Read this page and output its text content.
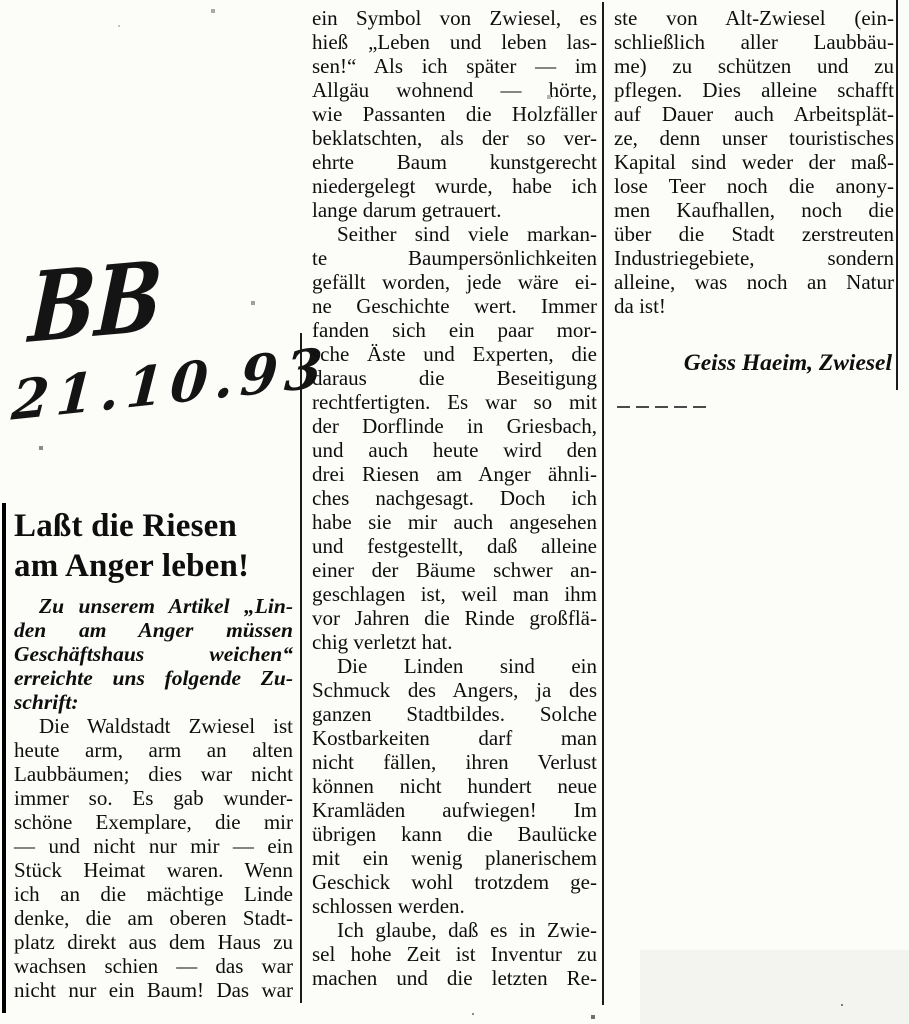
BB
21.10.93
Laßt die Riesen
am Anger leben!
Zu unserem Artikel „Lin-
den am Anger müssen
Geschäftshaus weichen“
erreichte uns folgende Zu-
schrift:
Die Waldstadt Zwiesel ist
heute arm, arm an alten
Laubbäumen; dies war nicht
immer so. Es gab wunder-
schöne Exemplare, die mir
— und nicht nur mir — ein
Stück Heimat waren. Wenn
ich an die mächtige Linde
denke, die am oberen Stadt-
platz direkt aus dem Haus zu
wachsen schien — das war
nicht nur ein Baum! Das war
ein Symbol von Zwiesel, es
hieß „Leben und leben las-
sen!“ Als ich später — im
Allgäu wohnend — hörte,
wie Passanten die Holzfäller
beklatschten, als der so ver-
ehrte Baum kunstgerecht
niedergelegt wurde, habe ich
lange darum getrauert.
Seither sind viele markan-
te Baumpersönlichkeiten
gefällt worden, jede wäre ei-
ne Geschichte wert. Immer
fanden sich ein paar mor-
sche Äste und Experten, die
daraus die Beseitigung
rechtfertigten. Es war so mit
der Dorflinde in Griesbach,
und auch heute wird den
drei Riesen am Anger ähnli-
ches nachgesagt. Doch ich
habe sie mir auch angesehen
und festgestellt, daß alleine
einer der Bäume schwer an-
geschlagen ist, weil man ihm
vor Jahren die Rinde großflä-
chig verletzt hat.
Die Linden sind ein
Schmuck des Angers, ja des
ganzen Stadtbildes. Solche
Kostbarkeiten darf man
nicht fällen, ihren Verlust
können nicht hundert neue
Kramläden aufwiegen! Im
übrigen kann die Baulücke
mit ein wenig planerischem
Geschick wohl trotzdem ge-
schlossen werden.
Ich glaube, daß es in Zwie-
sel hohe Zeit ist Inventur zu
machen und die letzten Re-
ste von Alt-Zwiesel (ein-
schließlich aller Laubbäu-
me) zu schützen und zu
pflegen. Dies alleine schafft
auf Dauer auch Arbeitsplät-
ze, denn unser touristisches
Kapital sind weder der maß-
lose Teer noch die anony-
men Kaufhallen, noch die
über die Stadt zerstreuten
Industriegebiete, sondern
alleine, was noch an Natur
da ist!
Geiss Haeim, Zwiesel
